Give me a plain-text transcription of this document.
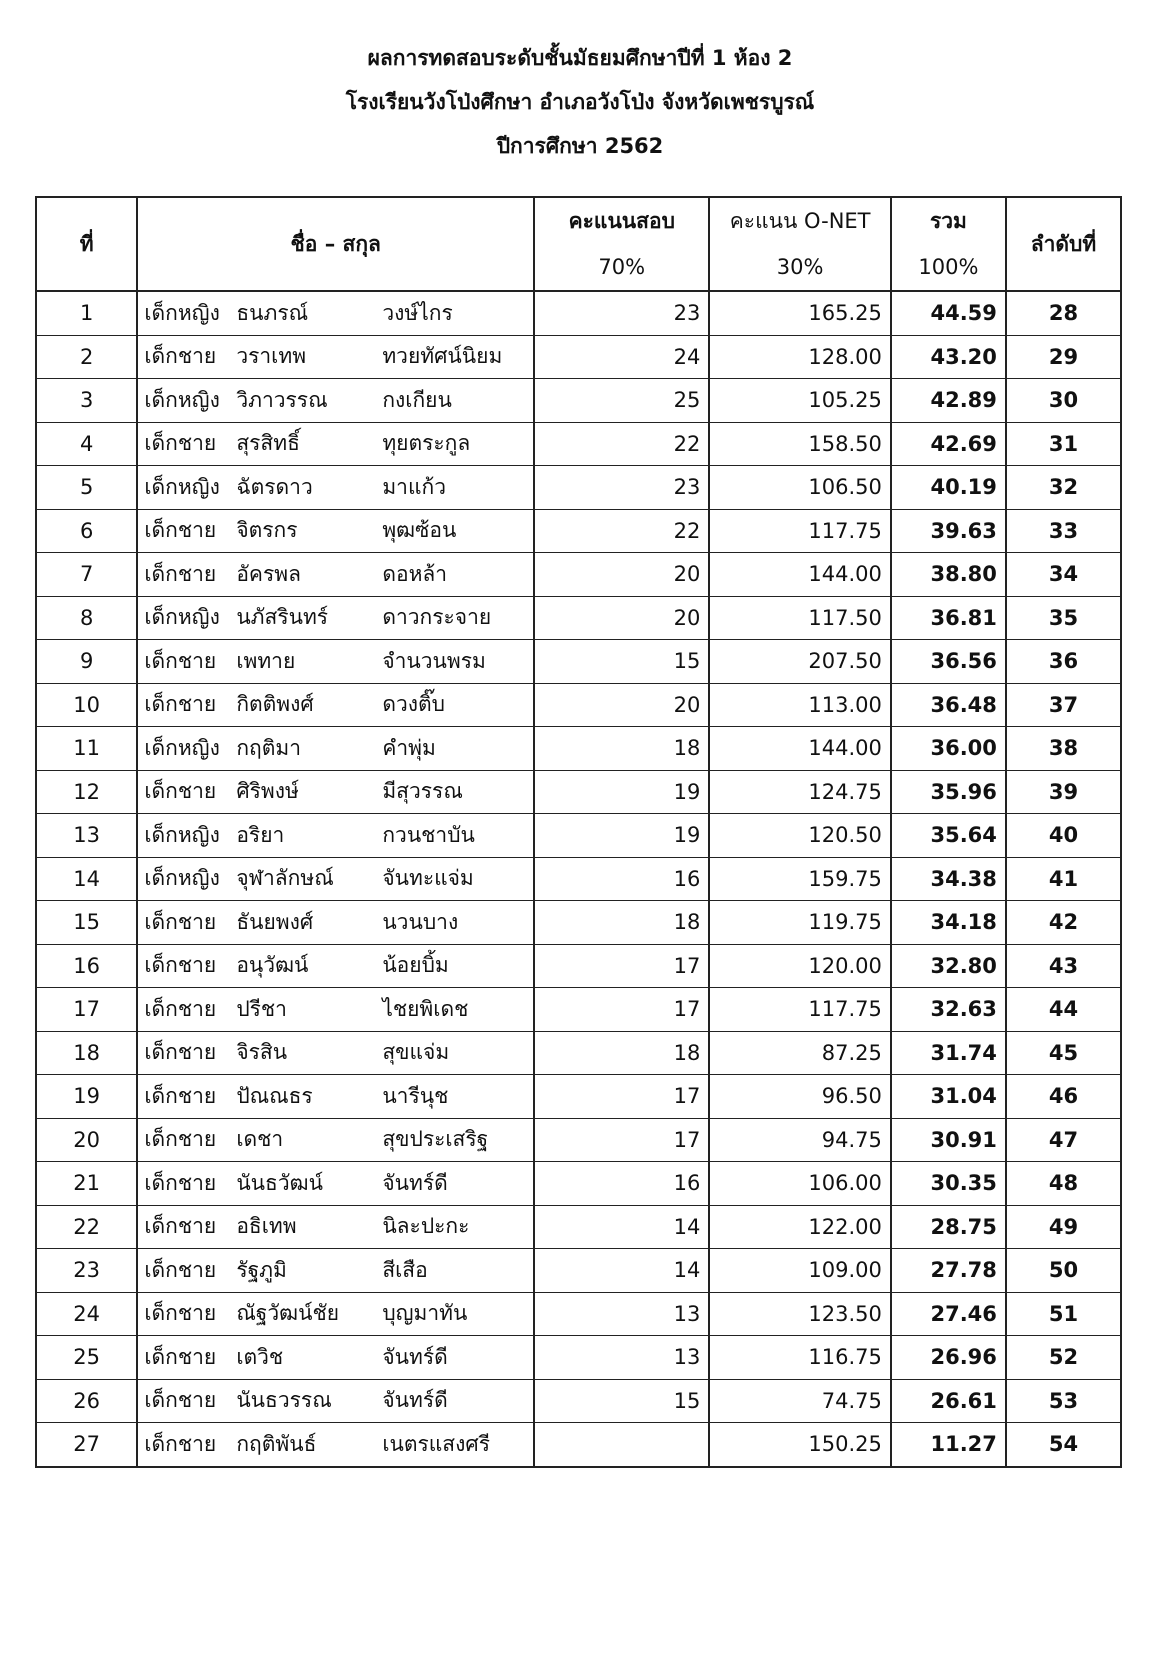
ผลการทดสอบระดับชั้นมัธยมศึกษาปีที่ 1 ห้อง 2
โรงเรียนวังโป่งศึกษา อำเภอวังโป่ง จังหวัดเพชรบูรณ์
ปีการศึกษา 2562
ที่	ชื่อ – สกุล	คะแนนสอบ	คะแนน O-NET	รวม	ลำดับที่
		70%	30%	100%	
1	เด็กหญิง ธนภรณ์ วงษ์ไกร	23	165.25	44.59	28
2	เด็กชาย วราเทพ ทวยทัศน์นิยม	24	128.00	43.20	29
3	เด็กหญิง วิภาวรรณ กงเกียน	25	105.25	42.89	30
4	เด็กชาย สุรสิทธิ์ ทุยตระกูล	22	158.50	42.69	31
5	เด็กหญิง ฉัตรดาว มาแก้ว	23	106.50	40.19	32
6	เด็กชาย จิตรกร พุฒซ้อน	22	117.75	39.63	33
7	เด็กชาย อัครพล ดอหล้า	20	144.00	38.80	34
8	เด็กหญิง นภัสรินทร์ ดาวกระจาย	20	117.50	36.81	35
9	เด็กชาย เพทาย จำนวนพรม	15	207.50	36.56	36
10	เด็กชาย กิตติพงศ์ ดวงติ๊บ	20	113.00	36.48	37
11	เด็กหญิง กฤติมา คำพุ่ม	18	144.00	36.00	38
12	เด็กชาย ศิริพงษ์ มีสุวรรณ	19	124.75	35.96	39
13	เด็กหญิง อริยา กวนชาบัน	19	120.50	35.64	40
14	เด็กหญิง จุฬาลักษณ์ จันทะแจ่ม	16	159.75	34.38	41
15	เด็กชาย ธันยพงศ์ นวนบาง	18	119.75	34.18	42
16	เด็กชาย อนุวัฒน์ น้อยบิ้ม	17	120.00	32.80	43
17	เด็กชาย ปรีชา ไชยพิเดช	17	117.75	32.63	44
18	เด็กชาย จิรสิน สุขแจ่ม	18	87.25	31.74	45
19	เด็กชาย ปัณณธร นารีนุช	17	96.50	31.04	46
20	เด็กชาย เดชา สุขประเสริฐ	17	94.75	30.91	47
21	เด็กชาย นันธวัฒน์ จันทร์ดี	16	106.00	30.35	48
22	เด็กชาย อธิเทพ นิละปะกะ	14	122.00	28.75	49
23	เด็กชาย รัฐภูมิ สีเสือ	14	109.00	27.78	50
24	เด็กชาย ณัฐวัฒน์ชัย บุญมาทัน	13	123.50	27.46	51
25	เด็กชาย เตวิช จันทร์ดี	13	116.75	26.96	52
26	เด็กชาย นันธวรรณ จันทร์ดี	15	74.75	26.61	53
27	เด็กชาย กฤติพันธ์ เนตรแสงศรี		150.25	11.27	54
